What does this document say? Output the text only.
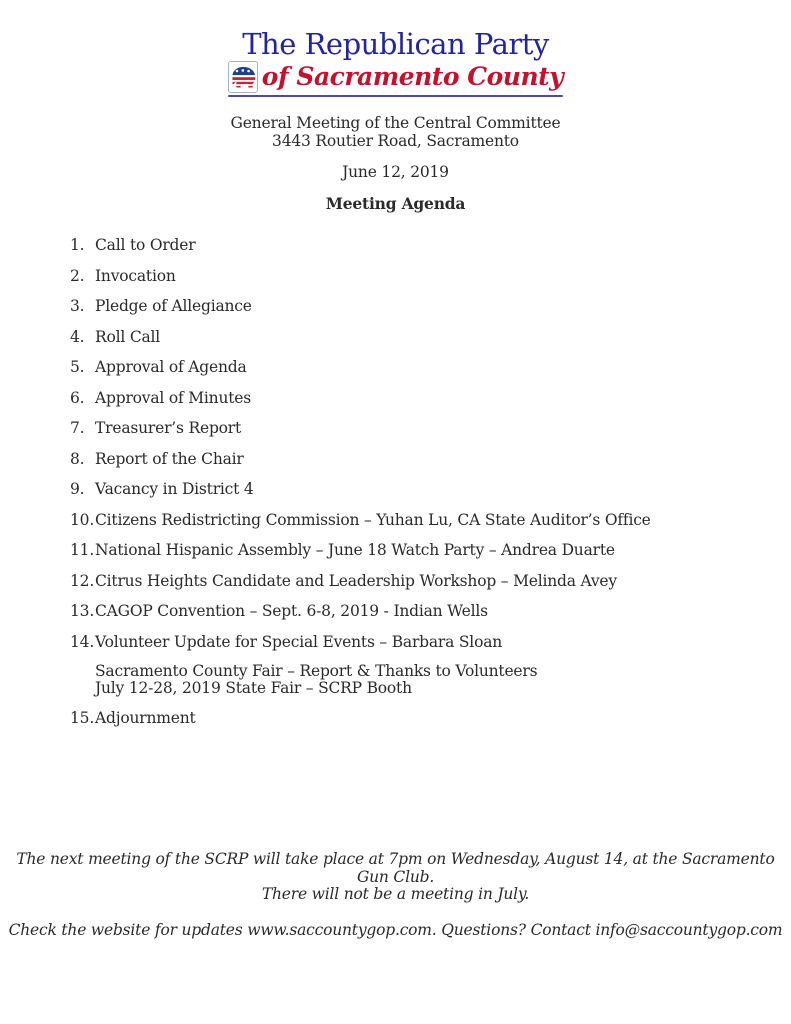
The Republican Party
of Sacramento County
General Meeting of the Central Committee
3443 Routier Road, Sacramento
June 12, 2019
Meeting Agenda
1. Call to Order
2. Invocation
3. Pledge of Allegiance
4. Roll Call
5. Approval of Agenda
6. Approval of Minutes
7. Treasurer’s Report
8. Report of the Chair
9. Vacancy in District 4
10. Citizens Redistricting Commission – Yuhan Lu, CA State Auditor’s Office
11. National Hispanic Assembly – June 18 Watch Party – Andrea Duarte
12. Citrus Heights Candidate and Leadership Workshop – Melinda Avey
13. CAGOP Convention – Sept. 6-8, 2019 - Indian Wells
14. Volunteer Update for Special Events – Barbara Sloan
Sacramento County Fair – Report & Thanks to Volunteers
July 12-28, 2019 State Fair – SCRP Booth
15. Adjournment
The next meeting of the SCRP will take place at 7pm on Wednesday, August 14, at the Sacramento Gun Club.
There will not be a meeting in July.
Check the website for updates www.saccountygop.com. Questions? Contact info@saccountygop.com
